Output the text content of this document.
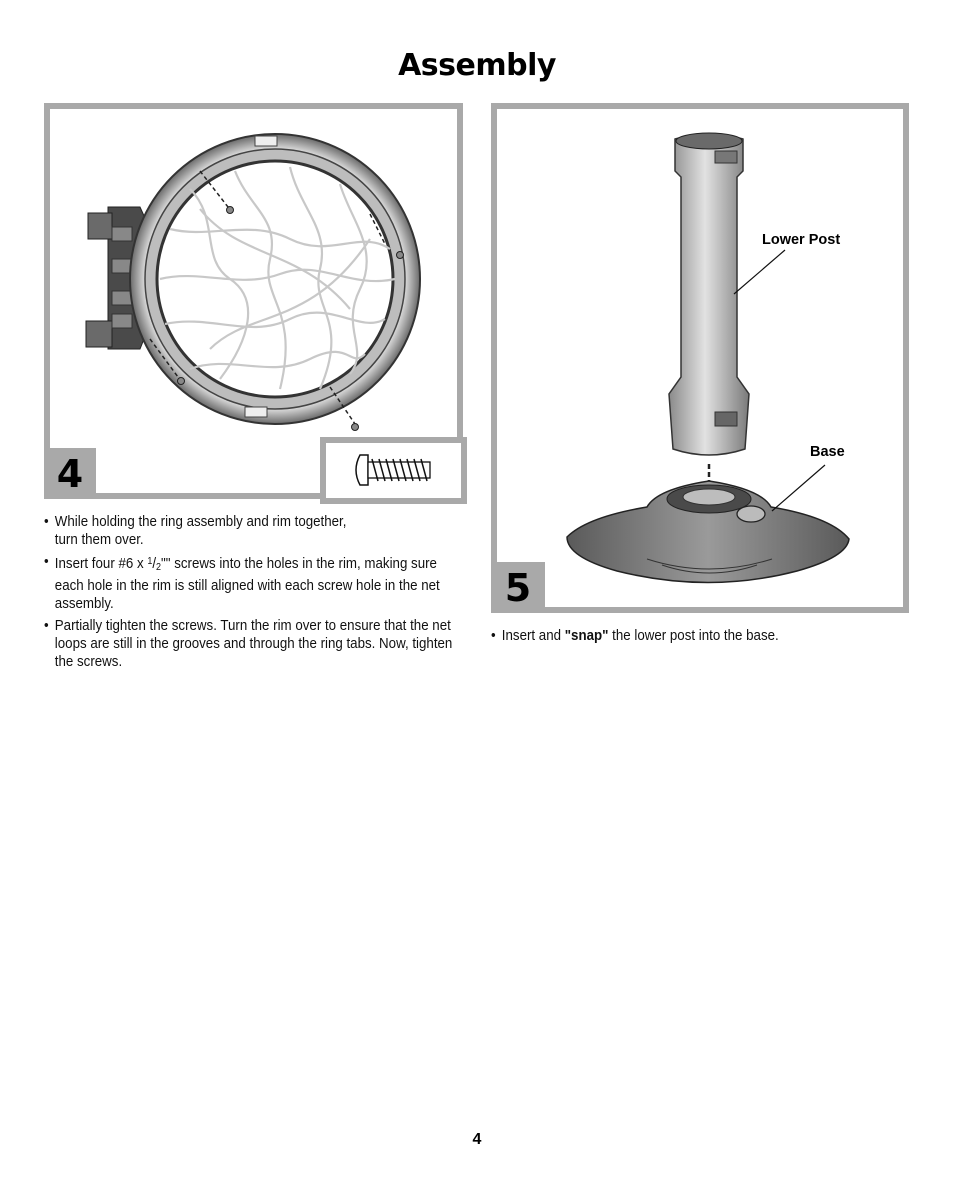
Assembly
4
• While holding the ring assembly and rim together,
turn them over.
• Insert four #6 x $^1/_2$"" screws into the holes in the rim, making sure each hole in the rim is still aligned with each screw hole in the net assembly.
• Partially tighten the screws. Turn the rim over to ensure that the net loops are still in the grooves and through the ring tabs. Now, tighten the screws.
Lower Post
Base
5
• Insert and "snap" the lower post into the base.
4
